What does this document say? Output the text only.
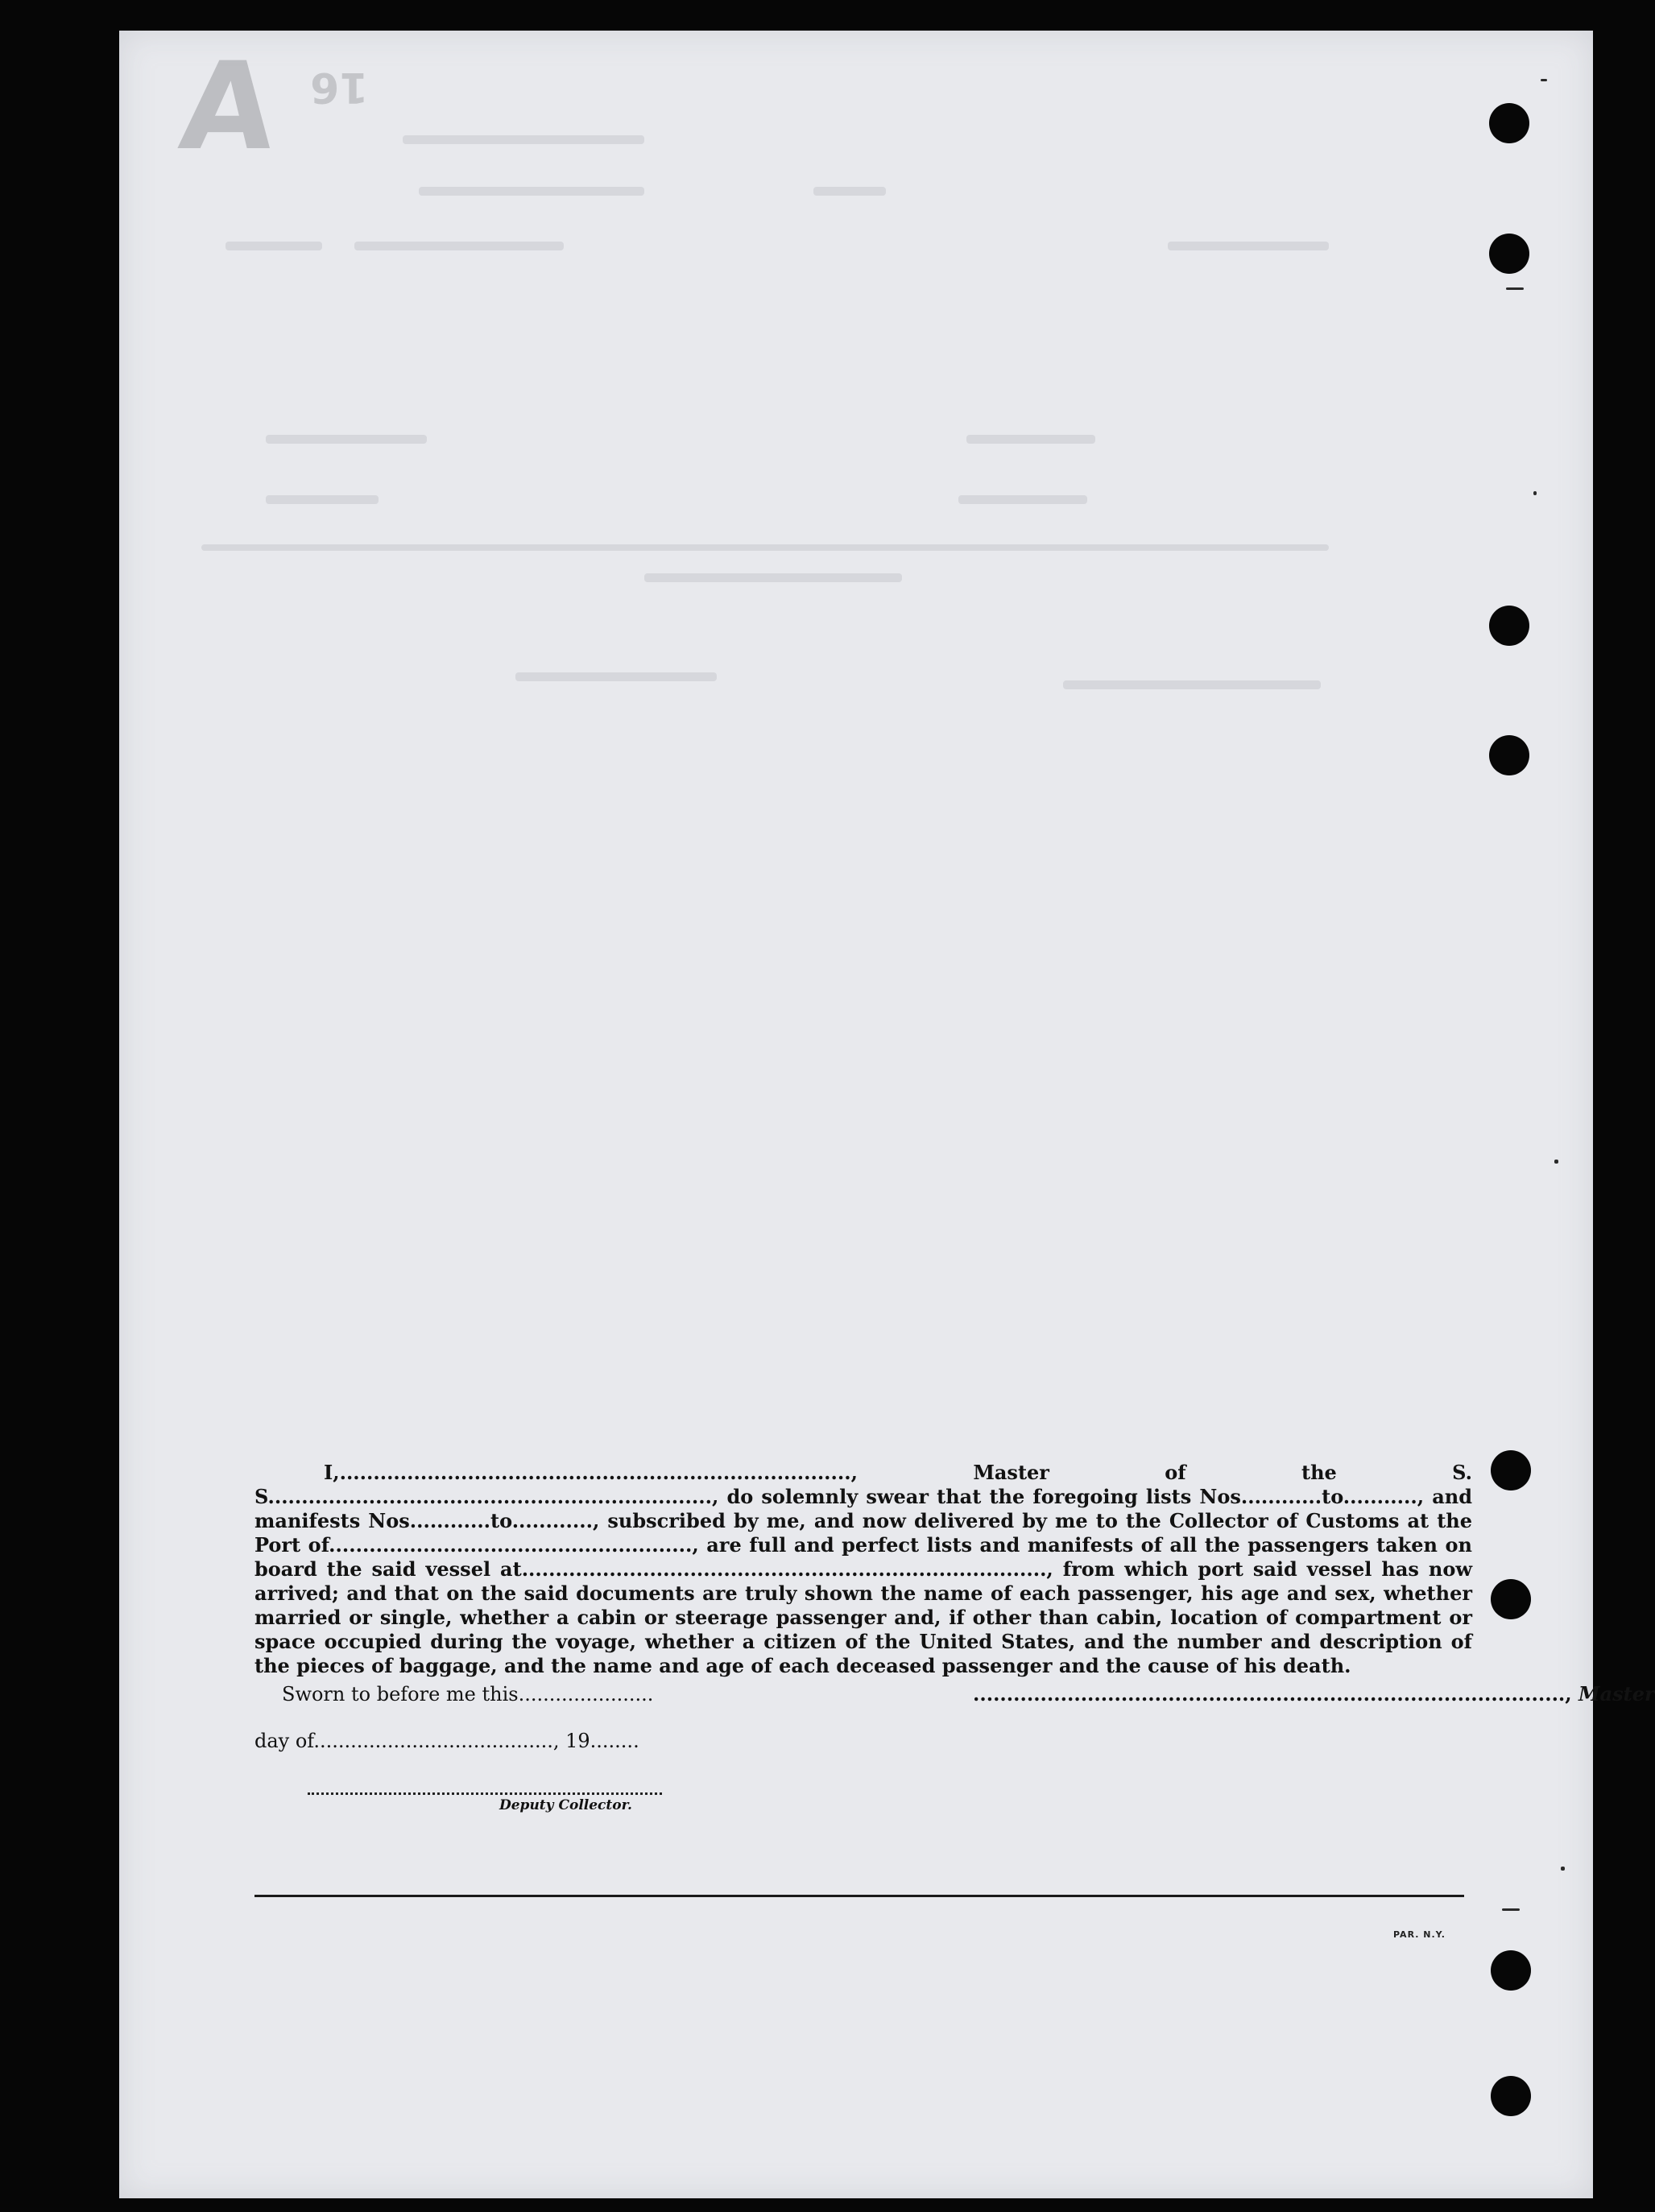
A 16

I,............................................................................, Master of the S. S.................................................................., do solemnly swear that the foregoing lists Nos............to..........., and manifests Nos............to............, subscribed by me, and now delivered by me to the Collector of Customs at the Port of......................................................, are full and perfect lists and manifests of all the passengers taken on board the said vessel at.............................................................................., from which port said vessel has now arrived; and that on the said documents are truly shown the name of each passenger, his age and sex, whether married or single, whether a cabin or steerage passenger and, if other than cabin, location of compartment or space occupied during the voyage, whether a citizen of the United States, and the number and description of the pieces of baggage, and the name and age of each deceased passenger and the cause of his death.

Sworn to before me this......................	........................................................................................, Master
day of......................................., 19........
Deputy Collector.
PAR. N.Y.
